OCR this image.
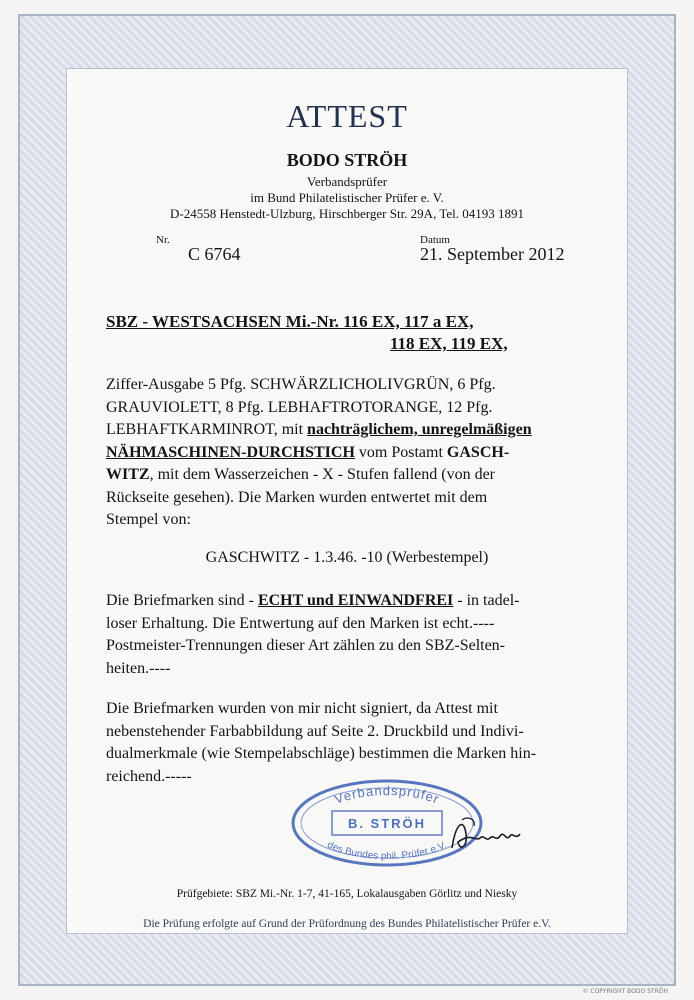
ATTEST
BODO STRÖH
Verbandsprüfer
im Bund Philatelistischer Prüfer e. V.
D-24558 Henstedt-Ulzburg, Hirschberger Str. 29A, Tel. 04193 1891
Nr.
C 6764
Datum
21. September 2012
SBZ - WESTSACHSEN Mi.-Nr. 116 EX, 117 a EX,
118 EX, 119 EX,
Ziffer-Ausgabe 5 Pfg. SCHWÄRZLICHOLIVGRÜN, 6 Pfg.
GRAUVIOLETT, 8 Pfg. LEBHAFTROTORANGE, 12 Pfg.
LEBHAFTKARMINROT, mit nachträglichem, unregelmäßigen
NÄHMASCHINEN-DURCHSTICH vom Postamt GASCH-
WITZ, mit dem Wasserzeichen - X - Stufen fallend (von der
Rückseite gesehen). Die Marken wurden entwertet mit dem
Stempel von:
GASCHWITZ - 1.3.46. -10 (Werbestempel)
Die Briefmarken sind - ECHT und EINWANDFREI - in tadel-
loser Erhaltung. Die Entwertung auf den Marken ist echt.----
Postmeister-Trennungen dieser Art zählen zu den SBZ-Selten-
heiten.----
Die Briefmarken wurden von mir nicht signiert, da Attest mit
nebenstehender Farbabbildung auf Seite 2. Druckbild und Indivi-
dualmerkmale (wie Stempelabschläge) bestimmen die Marken hin-
reichend.-----
Verbandsprüfer
B. STRÖH
des Bundes phil. Prüfer e.V.
Prüfgebiete: SBZ Mi.-Nr. 1-7, 41-165, Lokalausgaben Görlitz und Niesky
Die Prüfung erfolgte auf Grund der Prüfordnung des Bundes Philatelistischer Prüfer e.V.
© COPYRIGHT BODO STRÖH
